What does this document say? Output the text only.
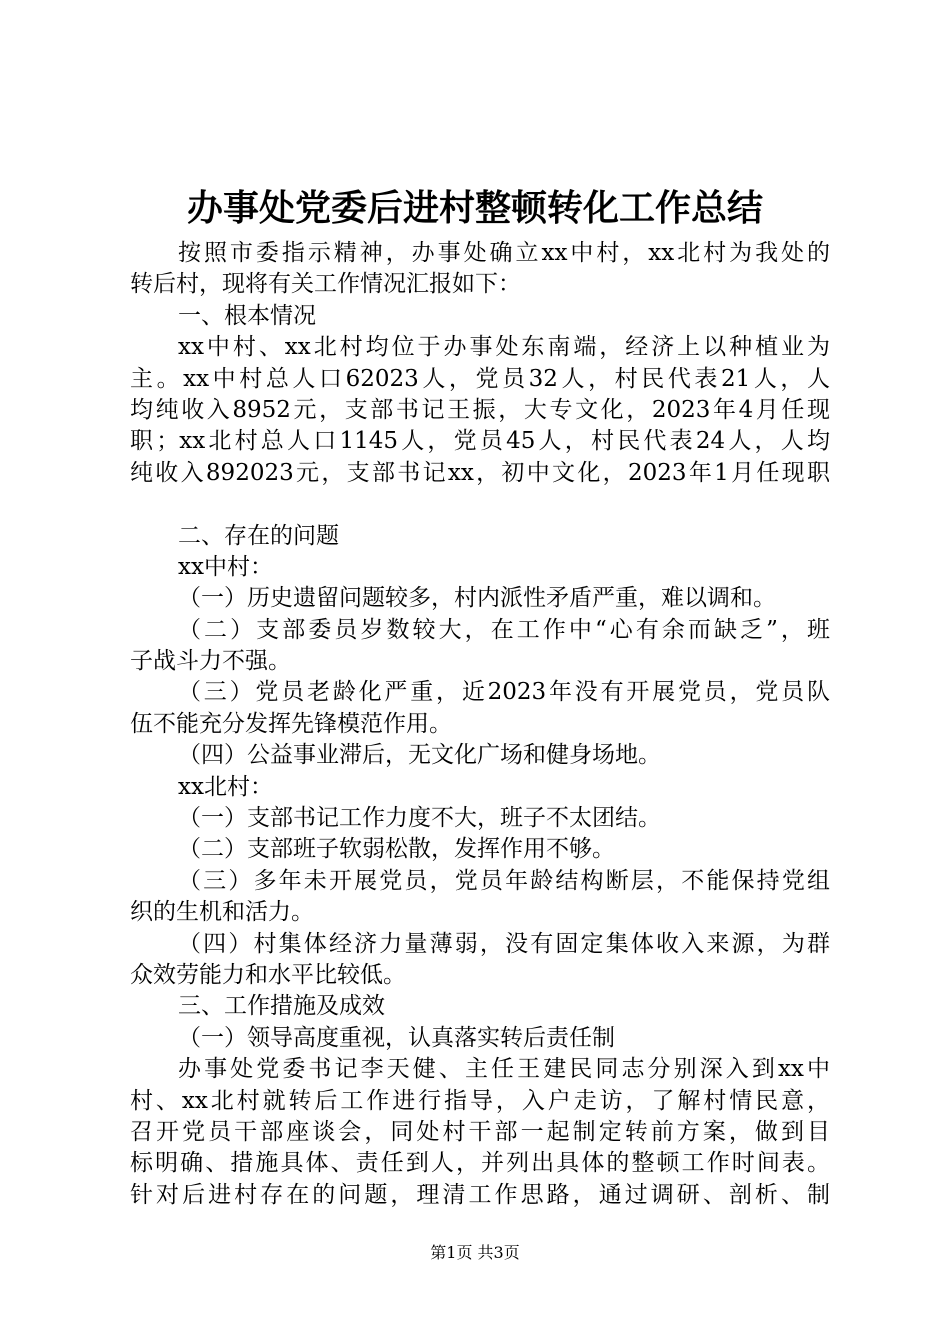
办事处党委后进村整顿转化工作总结
按照市委指示精神，办事处确立xx中村，xx北村为我处的
转后村，现将有关工作情况汇报如下：
一、根本情况
xx中村、xx北村均位于办事处东南端，经济上以种植业为
主。xx中村总人口62023人，党员32人，村民代表21人，人
均纯收入8952元，支部书记王振，大专文化，2023年4月任现
职；xx北村总人口1145人，党员45人，村民代表24人，人均
纯收入892023元，支部书记xx，初中文化，2023年1月任现职
二、存在的问题
xx中村：
（一）历史遗留问题较多，村内派性矛盾严重，难以调和。
（二）支部委员岁数较大，在工作中“心有余而缺乏”，班
子战斗力不强。
（三）党员老龄化严重，近2023年没有开展党员，党员队
伍不能充分发挥先锋模范作用。
（四）公益事业滞后，无文化广场和健身场地。
xx北村：
（一）支部书记工作力度不大，班子不太团结。
（二）支部班子软弱松散，发挥作用不够。
（三）多年未开展党员，党员年龄结构断层，不能保持党组
织的生机和活力。
（四）村集体经济力量薄弱，没有固定集体收入来源，为群
众效劳能力和水平比较低。
三、工作措施及成效
（一）领导高度重视，认真落实转后责任制
办事处党委书记李天健、主任王建民同志分别深入到xx中
村、xx北村就转后工作进行指导，入户走访，了解村情民意，
召开党员干部座谈会，同处村干部一起制定转前方案，做到目
标明确、措施具体、责任到人，并列出具体的整顿工作时间表。
针对后进村存在的问题，理清工作思路，通过调研、剖析、制
第1页 共3页
